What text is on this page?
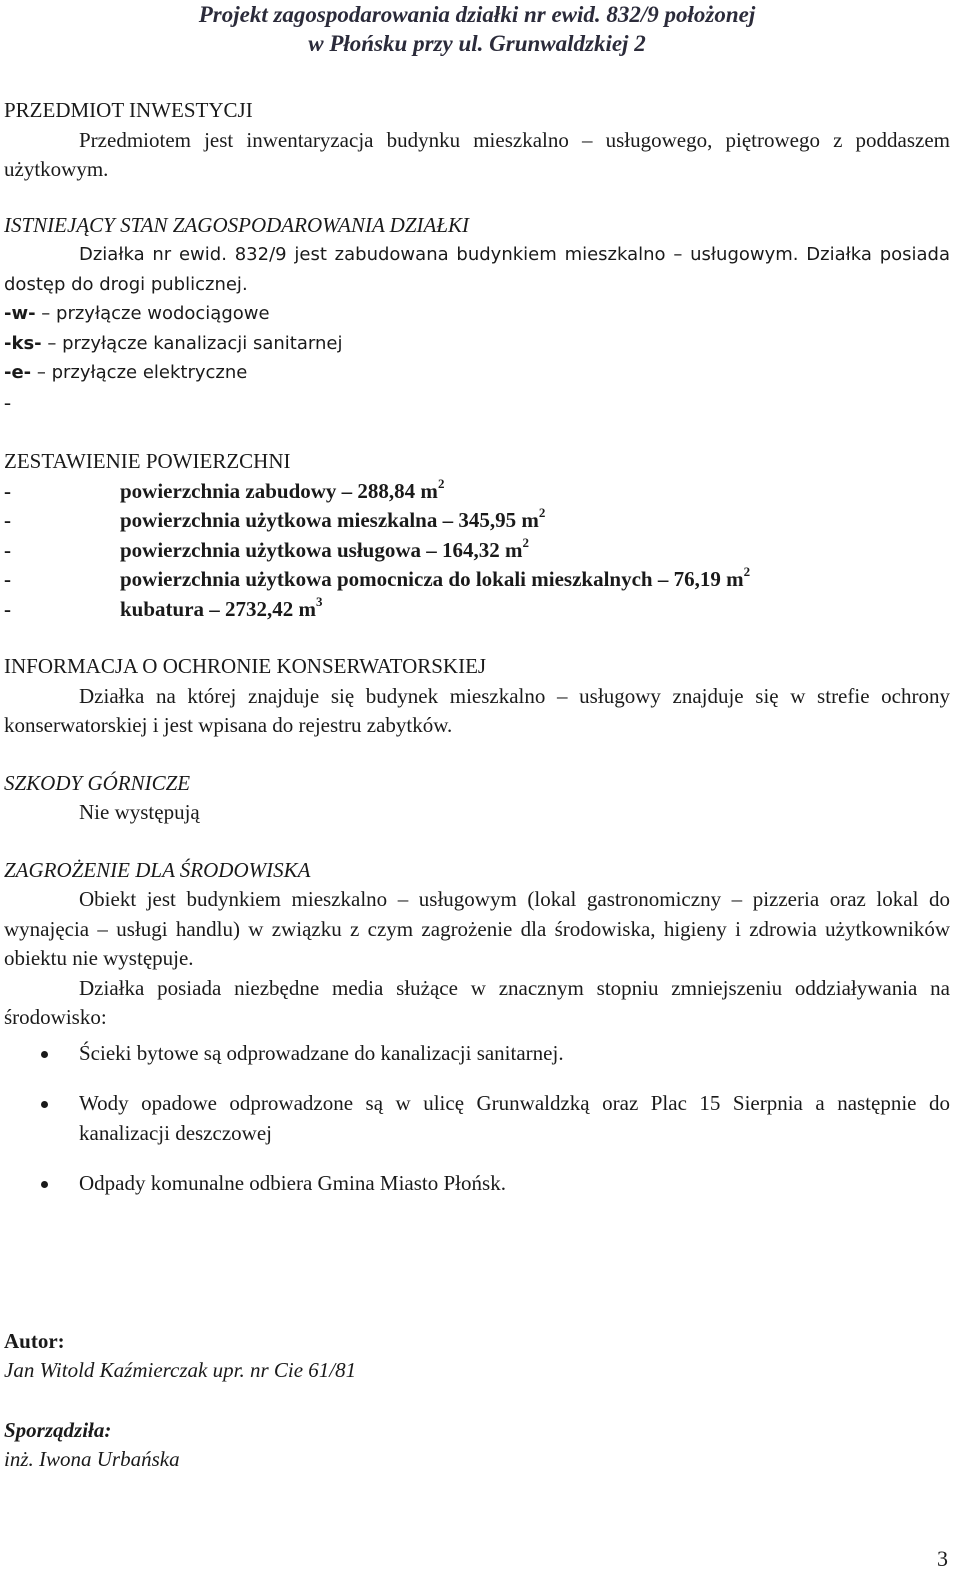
Projekt zagospodarowania działki nr ewid. 832/9 położonej
w Płońsku przy ul. Grunwaldzkiej 2

PRZEDMIOT INWESTYCJI

Przedmiotem jest inwentaryzacja budynku mieszkalno – usługowego, piętrowego z poddaszem użytkowym.

ISTNIEJĄCY STAN ZAGOSPODAROWANIA DZIAŁKI

Działka nr ewid. 832/9 jest zabudowana budynkiem mieszkalno – usługowym. Działka posiada dostęp do drogi publicznej.

-w- – przyłącze wodociągowe

-ks- – przyłącze kanalizacji sanitarnej

-e- – przyłącze elektryczne

-

ZESTAWIENIE POWIERZCHNI

-	powierzchnia zabudowy – 288,84 $m^2$

-	powierzchnia użytkowa mieszkalna – 345,95 $m^2$

-	powierzchnia użytkowa usługowa – 164,32 $m^2$

-	powierzchnia użytkowa pomocnicza do lokali mieszkalnych – 76,19 $m^2$

-	kubatura – 2732,42 $m^3$

INFORMACJA O OCHRONIE KONSERWATORSKIEJ

Działka na której znajduje się budynek mieszkalno – usługowy znajduje się w strefie ochrony konserwatorskiej i jest wpisana do rejestru zabytków.

SZKODY GÓRNICZE

Nie występują

ZAGROŻENIE DLA ŚRODOWISKA

Obiekt jest budynkiem mieszkalno – usługowym (lokal gastronomiczny – pizzeria oraz lokal do wynajęcia – usługi handlu) w związku z czym zagrożenie dla środowiska, higieny i zdrowia użytkowników obiektu nie występuje.

Działka posiada niezbędne media służące w znacznym stopniu zmniejszeniu oddziaływania na środowisko:

Ścieki bytowe są odprowadzane do kanalizacji sanitarnej.
Wody opadowe odprowadzone są w ulicę Grunwaldzką oraz Plac 15 Sierpnia a następnie do kanalizacji deszczowej
Odpady komunalne odbiera Gmina Miasto Płońsk.

Autor:

Jan Witold Kaźmierczak upr. nr Cie 61/81

Sporządziła:

inż. Iwona Urbańska

3
